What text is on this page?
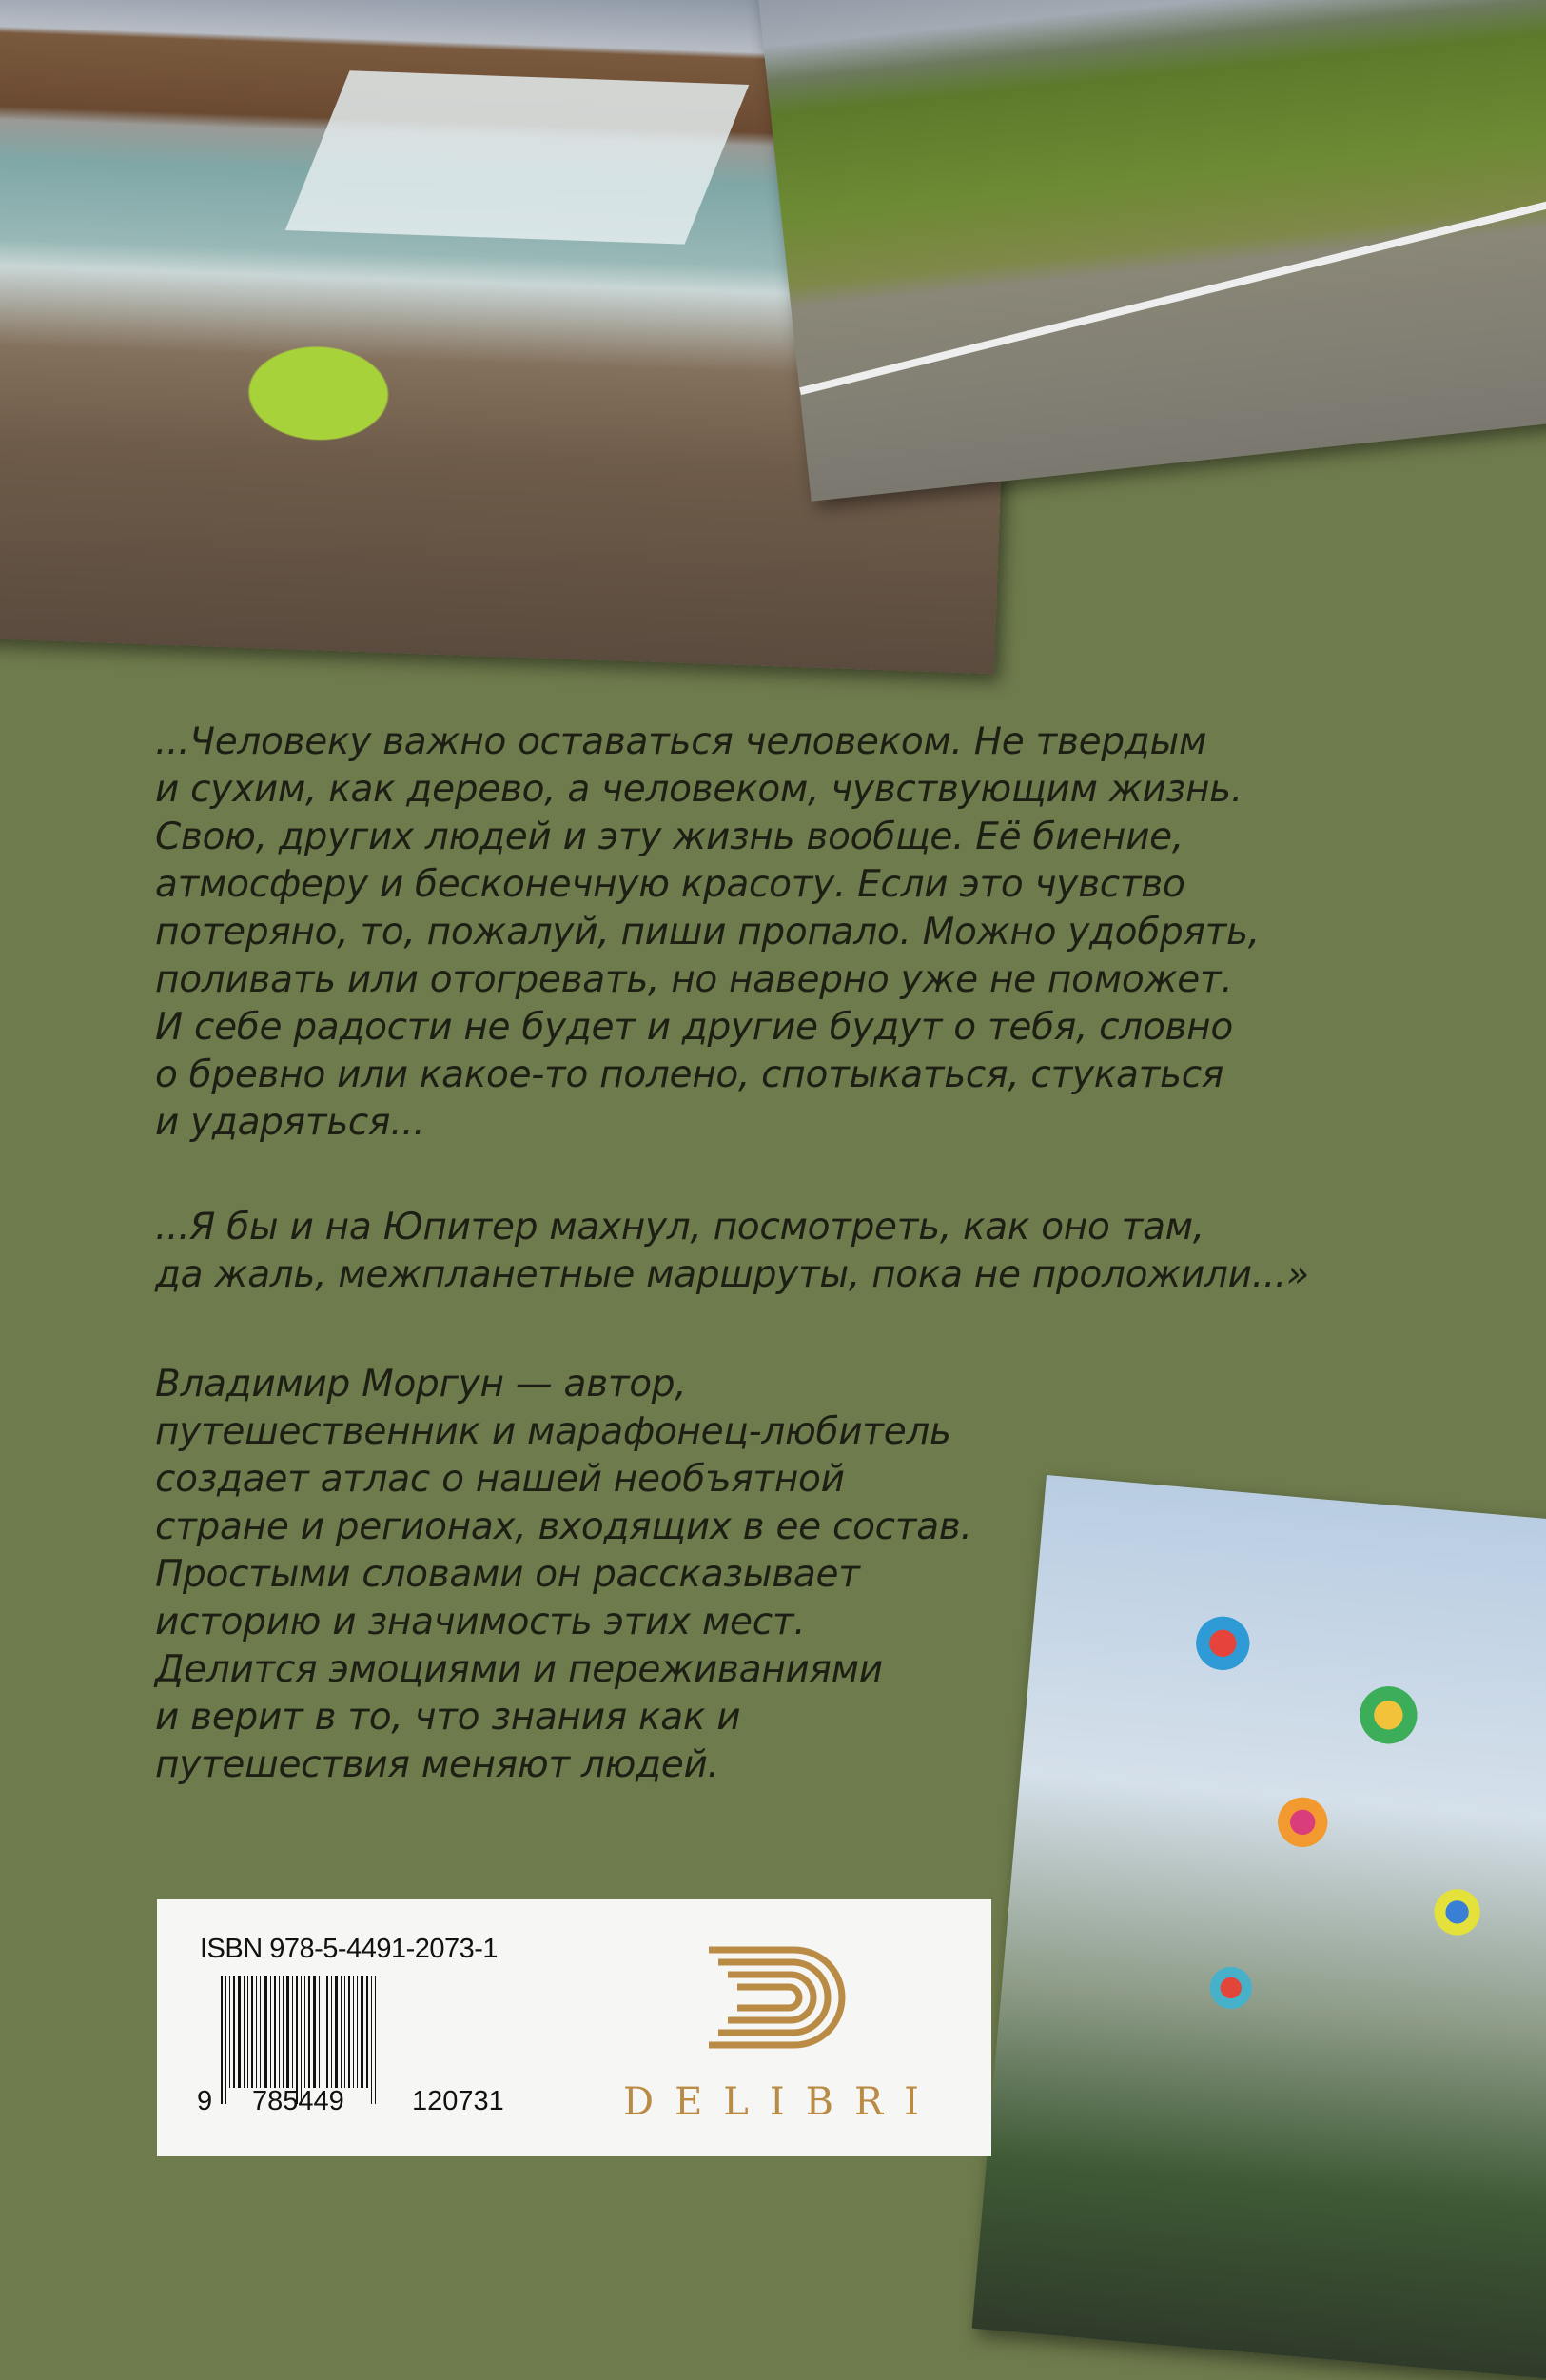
...Человеку важно оставаться человеком. Не твердым
и сухим, как дерево, а человеком, чувствующим жизнь.
Свою, других людей и эту жизнь вообще. Её биение,
атмосферу и бесконечную красоту. Если это чувство
потеряно, то, пожалуй, пиши пропало. Можно удобрять,
поливать или отогревать, но наверно уже не поможет.
И себе радости не будет и другие будут о тебя, словно
о бревно или какое-то полено, спотыкаться, стукаться
и ударяться...
...Я бы и на Юпитер махнул, посмотреть, как оно там,
да жаль, межпланетные маршруты, пока не проложили...»
Владимир Моргун — автор,
путешественник и марафонец-любитель
создает атлас о нашей необъятной
стране и регионах, входящих в ее состав.
Простыми словами он рассказывает
историю и значимость этих мест.
Делится эмоциями и переживаниями
и верит в то, что знания как и
путешествия меняют людей.
ISBN 978-5-4491-2073-1
9 785449 120731	DELIBRI
